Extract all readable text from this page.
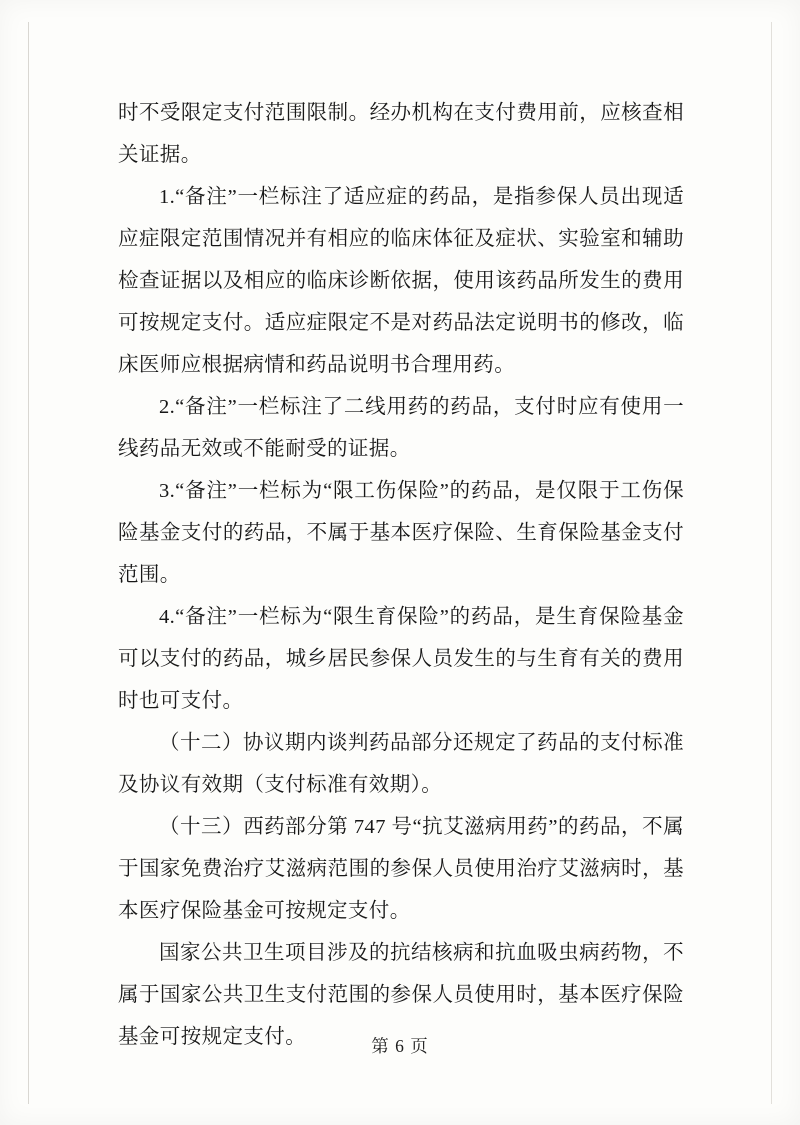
时不受限定支付范围限制。经办机构在支付费用前，应核查相关证据。

1.“备注”一栏标注了适应症的药品，是指参保人员出现适应症限定范围情况并有相应的临床体征及症状、实验室和辅助检查证据以及相应的临床诊断依据，使用该药品所发生的费用可按规定支付。适应症限定不是对药品法定说明书的修改，临床医师应根据病情和药品说明书合理用药。

2.“备注”一栏标注了二线用药的药品，支付时应有使用一线药品无效或不能耐受的证据。

3.“备注”一栏标为“限工伤保险”的药品，是仅限于工伤保险基金支付的药品，不属于基本医疗保险、生育保险基金支付范围。

4.“备注”一栏标为“限生育保险”的药品，是生育保险基金可以支付的药品，城乡居民参保人员发生的与生育有关的费用时也可支付。

（十二）协议期内谈判药品部分还规定了药品的支付标准及协议有效期（支付标准有效期）。

（十三）西药部分第 747 号“抗艾滋病用药”的药品，不属于国家免费治疗艾滋病范围的参保人员使用治疗艾滋病时，基本医疗保险基金可按规定支付。

国家公共卫生项目涉及的抗结核病和抗血吸虫病药物，不属于国家公共卫生支付范围的参保人员使用时，基本医疗保险基金可按规定支付。	第 6 页
